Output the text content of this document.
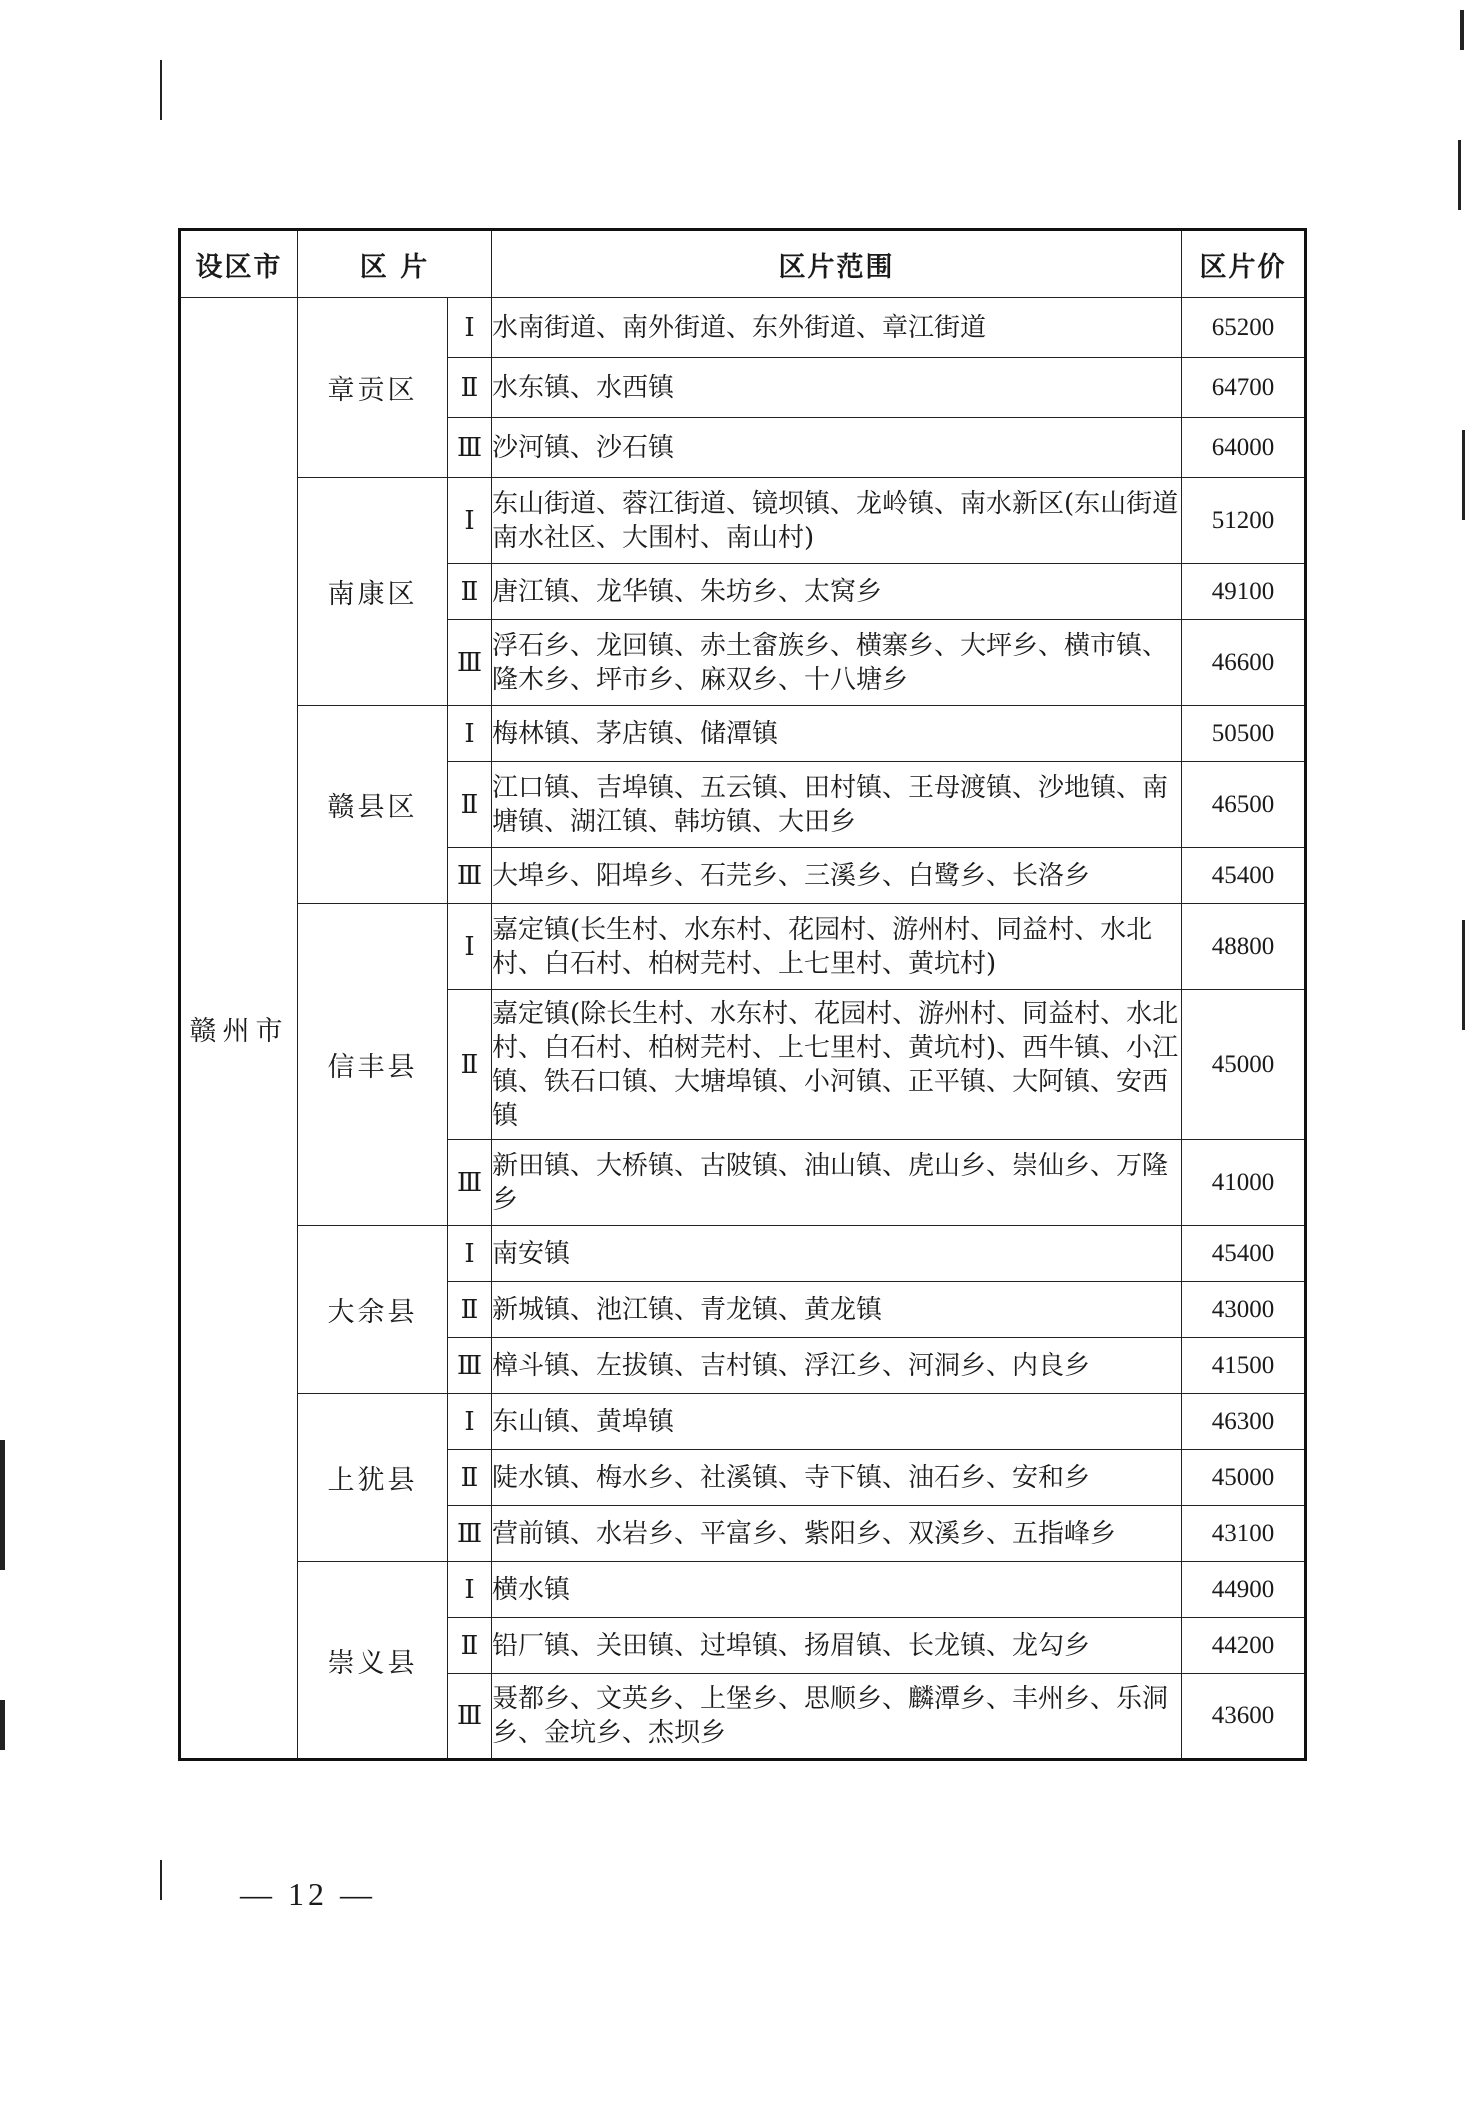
设区市	区 片		区片范围	区片价
赣州市	章贡区	Ⅰ	水南街道、南外街道、东外街道、章江街道	65200
		Ⅱ	水东镇、水西镇	64700
		Ⅲ	沙河镇、沙石镇	64000
	南康区	Ⅰ	东山街道、蓉江街道、镜坝镇、龙岭镇、南水新区(东山街道南水社区、大围村、南山村)	51200
		Ⅱ	唐江镇、龙华镇、朱坊乡、太窝乡	49100
		Ⅲ	浮石乡、龙回镇、赤土畲族乡、横寨乡、大坪乡、横市镇、隆木乡、坪市乡、麻双乡、十八塘乡	46600
	赣县区	Ⅰ	梅林镇、茅店镇、储潭镇	50500
		Ⅱ	江口镇、吉埠镇、五云镇、田村镇、王母渡镇、沙地镇、南塘镇、湖江镇、韩坊镇、大田乡	46500
		Ⅲ	大埠乡、阳埠乡、石芫乡、三溪乡、白鹭乡、长洛乡	45400
	信丰县	Ⅰ	嘉定镇(长生村、水东村、花园村、游州村、同益村、水北村、白石村、柏树芫村、上七里村、黄坑村)	48800
		Ⅱ	嘉定镇(除长生村、水东村、花园村、游州村、同益村、水北村、白石村、柏树芫村、上七里村、黄坑村)、西牛镇、小江镇、铁石口镇、大塘埠镇、小河镇、正平镇、大阿镇、安西镇	45000
		Ⅲ	新田镇、大桥镇、古陂镇、油山镇、虎山乡、崇仙乡、万隆乡	41000
	大余县	Ⅰ	南安镇	45400
		Ⅱ	新城镇、池江镇、青龙镇、黄龙镇	43000
		Ⅲ	樟斗镇、左拔镇、吉村镇、浮江乡、河洞乡、内良乡	41500
	上犹县	Ⅰ	东山镇、黄埠镇	46300
		Ⅱ	陡水镇、梅水乡、社溪镇、寺下镇、油石乡、安和乡	45000
		Ⅲ	营前镇、水岩乡、平富乡、紫阳乡、双溪乡、五指峰乡	43100
	崇义县	Ⅰ	横水镇	44900
		Ⅱ	铅厂镇、关田镇、过埠镇、扬眉镇、长龙镇、龙勾乡	44200
		Ⅲ	聂都乡、文英乡、上堡乡、思顺乡、麟潭乡、丰州乡、乐洞乡、金坑乡、杰坝乡	43600
— 12 —
